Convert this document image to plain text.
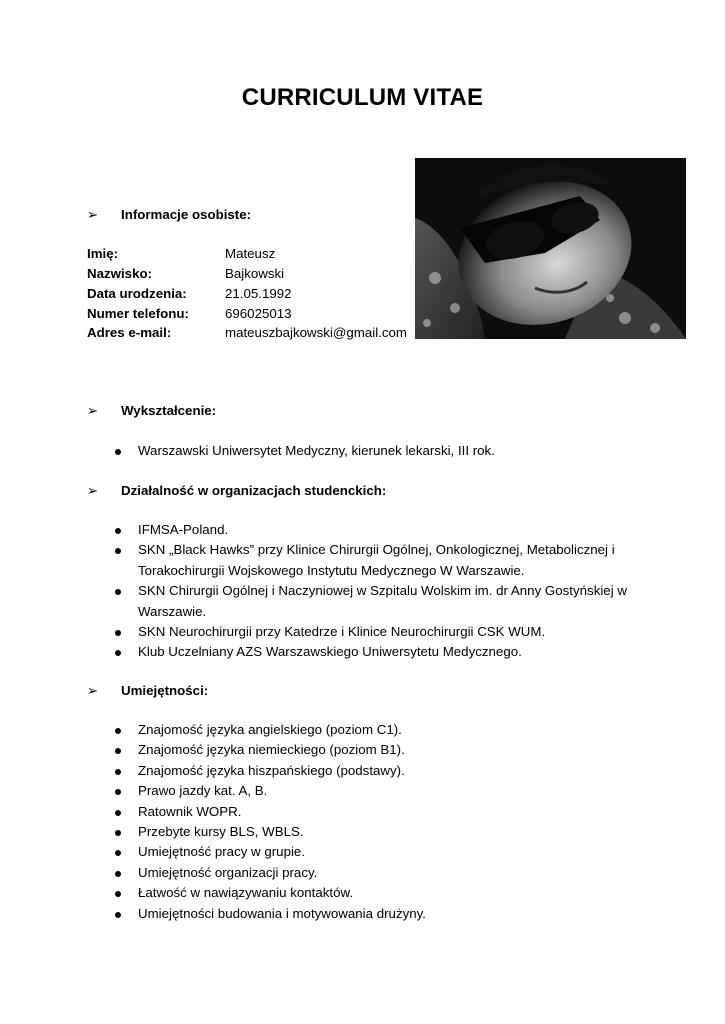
CURRICULUM VITAE
➢ Informacje osobiste:
Imię:	Mateusz
Nazwisko:	Bajkowski
Data urodzenia:	21.05.1992
Numer telefonu:	696025013
Adres e-mail:	mateuszbajkowski@gmail.com
➢ Wykształcenie:
Warszawski Uniwersytet Medyczny, kierunek lekarski, III rok.
➢ Działalność w organizacjach studenckich:
IFMSA-Poland.
SKN „Black Hawks” przy Klinice Chirurgii Ogólnej, Onkologicznej, Metabolicznej i Torakochirurgii Wojskowego Instytutu Medycznego W Warszawie.
SKN Chirurgii Ogólnej i Naczyniowej w Szpitalu Wolskim im. dr Anny Gostyńskiej w Warszawie.
SKN Neurochirurgii przy Katedrze i Klinice Neurochirurgii CSK WUM.
Klub Uczelniany AZS Warszawskiego Uniwersytetu Medycznego.
➢ Umiejętności:
Znajomość języka angielskiego (poziom C1).
Znajomość języka niemieckiego (poziom B1).
Znajomość języka hiszpańskiego (podstawy).
Prawo jazdy kat. A, B.
Ratownik WOPR.
Przebyte kursy BLS, WBLS.
Umiejętność pracy w grupie.
Umiejętność organizacji pracy.
Łatwość w nawiązywaniu kontaktów.
Umiejętności budowania i motywowania drużyny.
